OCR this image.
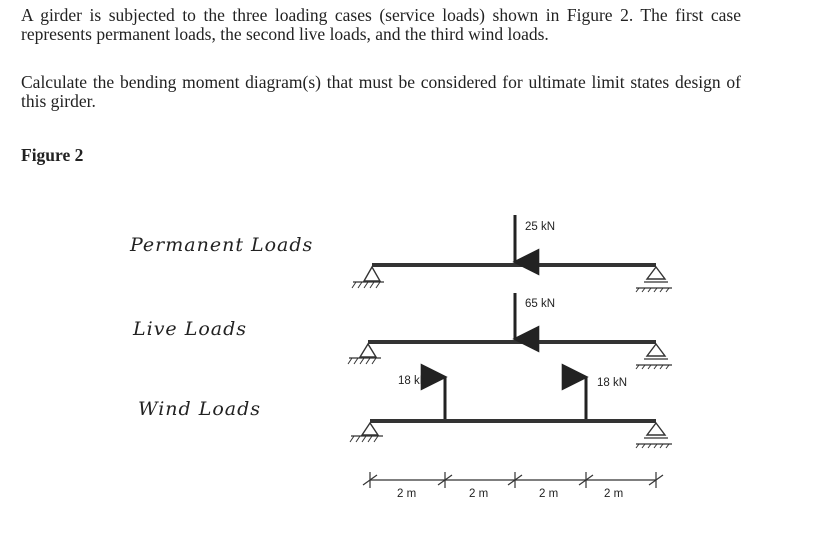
A girder is subjected to the three loading cases (service loads) shown in Figure 2. The first case represents permanent loads, the second live loads, and the third wind loads.

Calculate the bending moment diagram(s) that must be considered for ultimate limit states design of this girder.

Figure 2

Permanent Loads
Live Loads
Wind Loads
25 kN
65 kN
18 kN	18 kN
2 m	2 m	2 m	2 m
